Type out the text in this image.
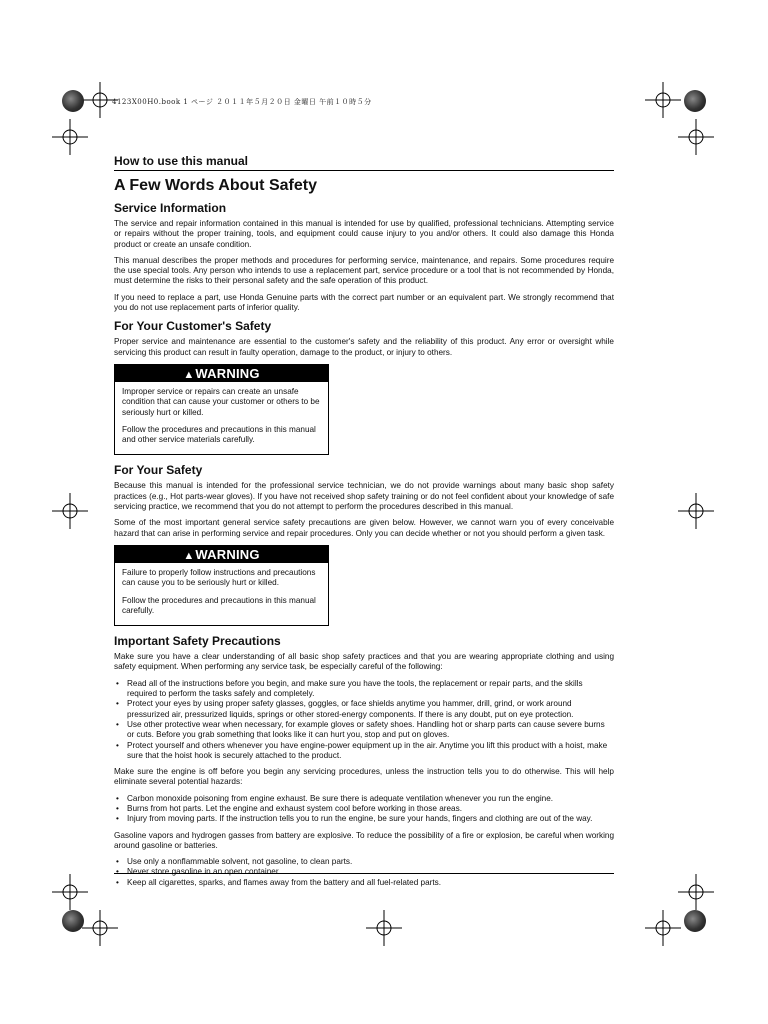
4123X00H0.book 1 ページ ２０１１年５月２０日 金曜日 午前１０時５分
How to use this manual
A Few Words About Safety
Service Information

The service and repair information contained in this manual is intended for use by qualified, professional technicians. Attempting service or repairs without the proper training, tools, and equipment could cause injury to you and/or others. It could also damage this Honda product or create an unsafe condition.

This manual describes the proper methods and procedures for performing service, maintenance, and repairs. Some procedures require the use special tools. Any person who intends to use a replacement part, service procedure or a tool that is not recommended by Honda, must determine the risks to their personal safety and the safe operation of this product.

If you need to replace a part, use Honda Genuine parts with the correct part number or an equivalent part. We strongly recommend that you do not use replacement parts of inferior quality.

For Your Customer's Safety

Proper service and maintenance are essential to the customer's safety and the reliability of this product. Any error or oversight while servicing this product can result in faulty operation, damage to the product, or injury to others.

▲WARNING

Improper service or repairs can create an unsafe condition that can cause your customer or others to be seriously hurt or killed.

Follow the procedures and precautions in this manual and other service materials carefully.

For Your Safety

Because this manual is intended for the professional service technician, we do not provide warnings about many basic shop safety practices (e.g., Hot parts-wear gloves). If you have not received shop safety training or do not feel confident about your knowledge of safe servicing practice, we recommend that you do not attempt to perform the procedures described in this manual.

Some of the most important general service safety precautions are given below. However, we cannot warn you of every conceivable hazard that can arise in performing service and repair procedures. Only you can decide whether or not you should perform a given task.

▲WARNING

Failure to properly follow instructions and precautions can cause you to be seriously hurt or killed.

Follow the procedures and precautions in this manual carefully.

Important Safety Precautions

Make sure you have a clear understanding of all basic shop safety practices and that you are wearing appropriate clothing and using safety equipment. When performing any service task, be especially careful of the following:

• Read all of the instructions before you begin, and make sure you have the tools, the replacement or repair parts, and the skills required to perform the tasks safely and completely.
• Protect your eyes by using proper safety glasses, goggles, or face shields anytime you hammer, drill, grind, or work around pressurized air, pressurized liquids, springs or other stored-energy components. If there is any doubt, put on eye protection.
• Use other protective wear when necessary, for example gloves or safety shoes. Handling hot or sharp parts can cause severe burns or cuts. Before you grab something that looks like it can hurt you, stop and put on gloves.
• Protect yourself and others whenever you have engine-power equipment up in the air. Anytime you lift this product with a hoist, make sure that the hoist hook is securely attached to the product.

Make sure the engine is off before you begin any servicing procedures, unless the instruction tells you to do otherwise. This will help eliminate several potential hazards:

• Carbon monoxide poisoning from engine exhaust. Be sure there is adequate ventilation whenever you run the engine.
• Burns from hot parts. Let the engine and exhaust system cool before working in those areas.
• Injury from moving parts. If the instruction tells you to run the engine, be sure your hands, fingers and clothing are out of the way.

Gasoline vapors and hydrogen gasses from battery are explosive. To reduce the possibility of a fire or explosion, be careful when working around gasoline or batteries.

• Use only a nonflammable solvent, not gasoline, to clean parts.
• Never store gasoline in an open container.
• Keep all cigarettes, sparks, and flames away from the battery and all fuel-related parts.
